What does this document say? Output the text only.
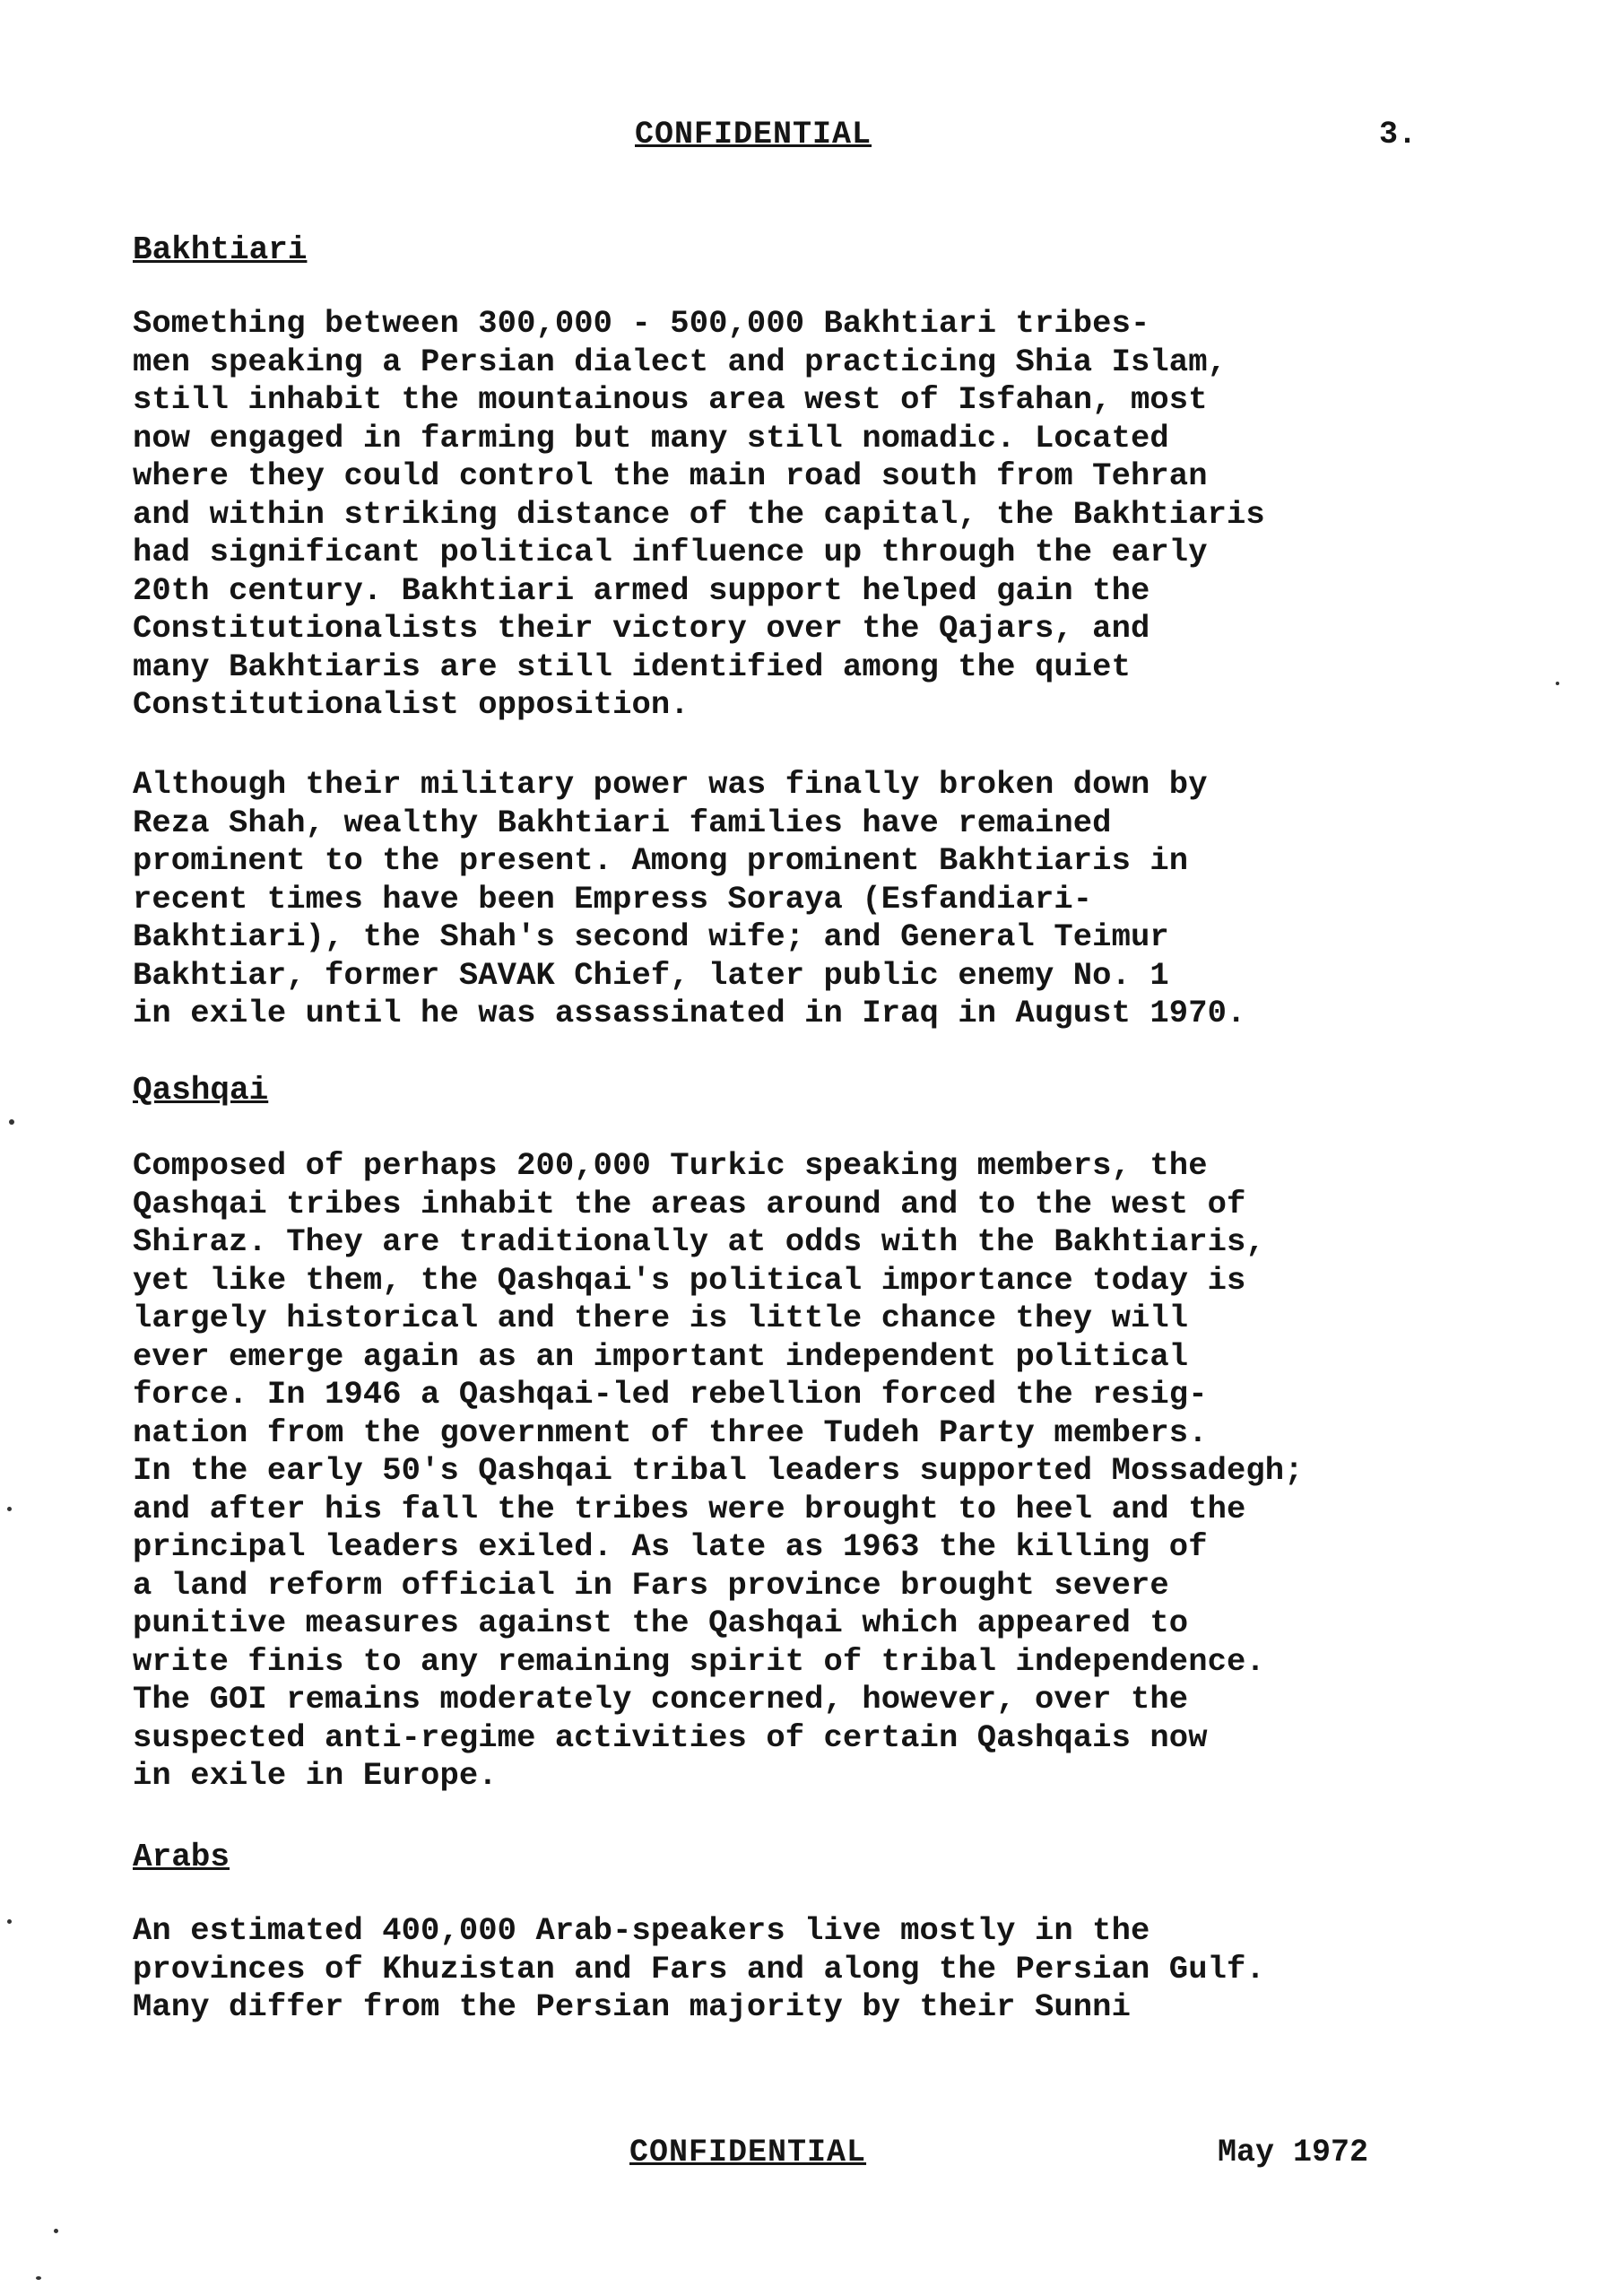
CONFIDENTIAL	3.
Bakhtiari
Something between 300,000 - 500,000 Bakhtiari tribes-
men speaking a Persian dialect and practicing Shia Islam,
still inhabit the mountainous area west of Isfahan, most
now engaged in farming but many still nomadic. Located
where they could control the main road south from Tehran
and within striking distance of the capital, the Bakhtiaris
had significant political influence up through the early
20th century. Bakhtiari armed support helped gain the
Constitutionalists their victory over the Qajars, and
many Bakhtiaris are still identified among the quiet
Constitutionalist opposition.
Although their military power was finally broken down by
Reza Shah, wealthy Bakhtiari families have remained
prominent to the present. Among prominent Bakhtiaris in
recent times have been Empress Soraya (Esfandiari-
Bakhtiari), the Shah's second wife; and General Teimur
Bakhtiar, former SAVAK Chief, later public enemy No. 1
in exile until he was assassinated in Iraq in August 1970.
Qashqai
Composed of perhaps 200,000 Turkic speaking members, the
Qashqai tribes inhabit the areas around and to the west of
Shiraz. They are traditionally at odds with the Bakhtiaris,
yet like them, the Qashqai's political importance today is
largely historical and there is little chance they will
ever emerge again as an important independent political
force. In 1946 a Qashqai-led rebellion forced the resig-
nation from the government of three Tudeh Party members.
In the early 50's Qashqai tribal leaders supported Mossadegh;
and after his fall the tribes were brought to heel and the
principal leaders exiled. As late as 1963 the killing of
a land reform official in Fars province brought severe
punitive measures against the Qashqai which appeared to
write finis to any remaining spirit of tribal independence.
The GOI remains moderately concerned, however, over the
suspected anti-regime activities of certain Qashqais now
in exile in Europe.
Arabs
An estimated 400,000 Arab-speakers live mostly in the
provinces of Khuzistan and Fars and along the Persian Gulf.
Many differ from the Persian majority by their Sunni
CONFIDENTIAL	May 1972
